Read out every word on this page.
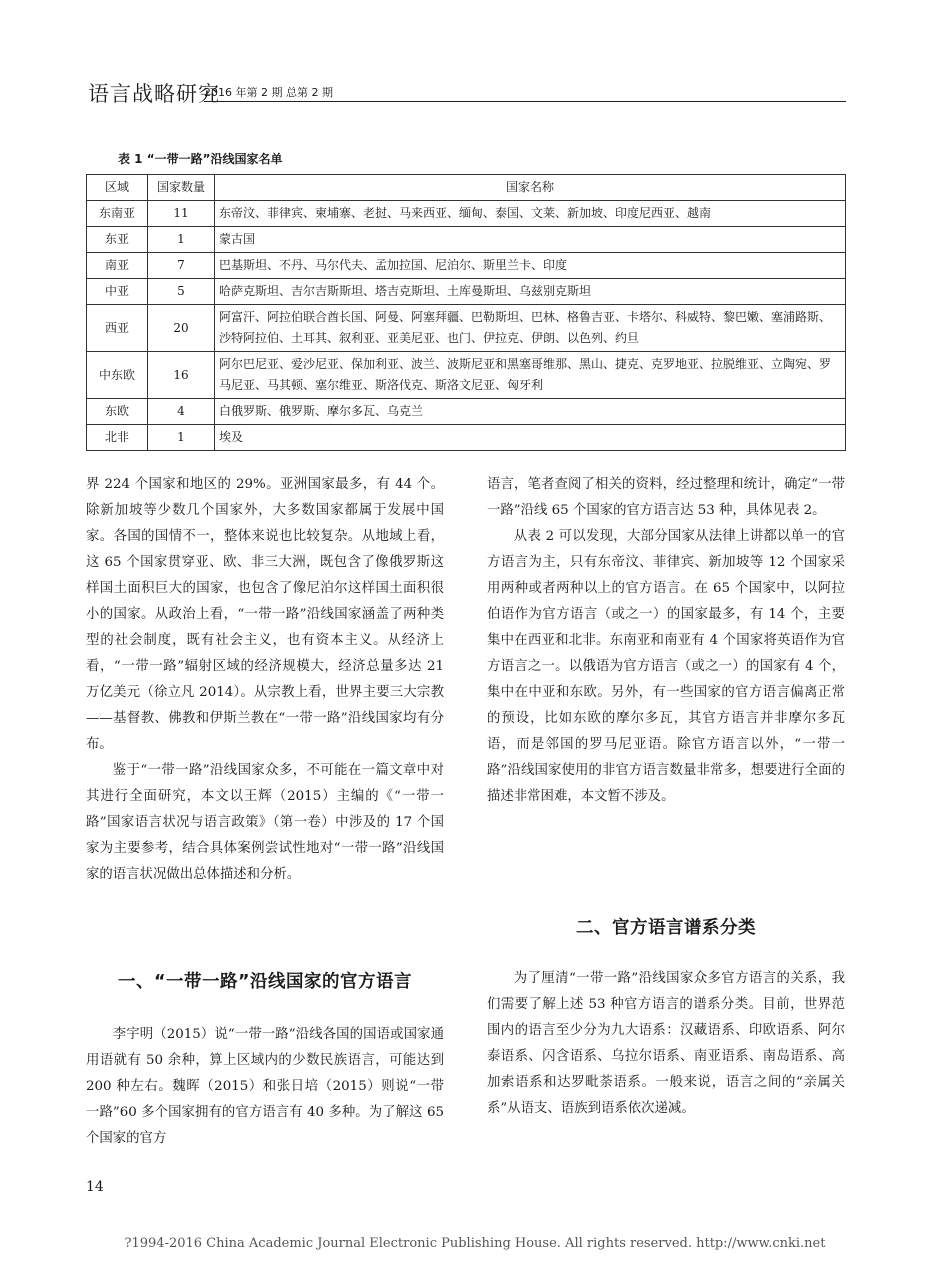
语言战略研究
2016 年第 2 期 总第 2 期
表 1 “一带一路”沿线国家名单
区域	国家数量	国家名称
东南亚	11	东帝汶、菲律宾、柬埔寨、老挝、马来西亚、缅甸、泰国、文莱、新加坡、印度尼西亚、越南
东亚	1	蒙古国
南亚	7	巴基斯坦、不丹、马尔代夫、孟加拉国、尼泊尔、斯里兰卡、印度
中亚	5	哈萨克斯坦、吉尔吉斯斯坦、塔吉克斯坦、土库曼斯坦、乌兹别克斯坦
西亚	20	阿富汗、阿拉伯联合酋长国、阿曼、阿塞拜疆、巴勒斯坦、巴林、格鲁吉亚、卡塔尔、科威特、黎巴嫩、塞浦路斯、沙特阿拉伯、土耳其、叙利亚、亚美尼亚、也门、伊拉克、伊朗、以色列、约旦
中东欧	16	阿尔巴尼亚、爱沙尼亚、保加利亚、波兰、波斯尼亚和黑塞哥维那、黑山、捷克、克罗地亚、拉脱维亚、立陶宛、罗马尼亚、马其顿、塞尔维亚、斯洛伐克、斯洛文尼亚、匈牙利
东欧	4	白俄罗斯、俄罗斯、摩尔多瓦、乌克兰
北非	1	埃及

界 224 个国家和地区的 29%。亚洲国家最多，有 44 个。除新加坡等少数几个国家外，大多数国家都属于发展中国家。各国的国情不一，整体来说也比较复杂。从地域上看，这 65 个国家贯穿亚、欧、非三大洲，既包含了像俄罗斯这样国土面积巨大的国家，也包含了像尼泊尔这样国土面积很小的国家。从政治上看，“一带一路”沿线国家涵盖了两种类型的社会制度，既有社会主义，也有资本主义。从经济上看，“一带一路”辐射区域的经济规模大，经济总量多达 21 万亿美元（徐立凡 2014）。从宗教上看，世界主要三大宗教——基督教、佛教和伊斯兰教在“一带一路”沿线国家均有分布。

鉴于“一带一路”沿线国家众多，不可能在一篇文章中对其进行全面研究，本文以王辉（2015）主编的《“一带一路”国家语言状况与语言政策》（第一卷）中涉及的 17 个国家为主要参考，结合具体案例尝试性地对“一带一路”沿线国家的语言状况做出总体描述和分析。

一、“一带一路”沿线国家的官方语言

李宇明（2015）说“一带一路”沿线各国的国语或国家通用语就有 50 余种，算上区域内的少数民族语言，可能达到 200 种左右。魏晖（2015）和张日培（2015）则说“一带一路”60 多个国家拥有的官方语言有 40 多种。为了解这 65 个国家的官方

语言，笔者查阅了相关的资料，经过整理和统计，确定“一带一路”沿线 65 个国家的官方语言达 53 种，具体见表 2。

从表 2 可以发现，大部分国家从法律上讲都以单一的官方语言为主，只有东帝汶、菲律宾、新加坡等 12 个国家采用两种或者两种以上的官方语言。在 65 个国家中，以阿拉伯语作为官方语言（或之一）的国家最多，有 14 个，主要集中在西亚和北非。东南亚和南亚有 4 个国家将英语作为官方语言之一。以俄语为官方语言（或之一）的国家有 4 个，集中在中亚和东欧。另外，有一些国家的官方语言偏离正常的预设，比如东欧的摩尔多瓦，其官方语言并非摩尔多瓦语，而是邻国的罗马尼亚语。除官方语言以外，“一带一路”沿线国家使用的非官方语言数量非常多，想要进行全面的描述非常困难，本文暂不涉及。

二、官方语言谱系分类

为了厘清“一带一路”沿线国家众多官方语言的关系，我们需要了解上述 53 种官方语言的谱系分类。目前，世界范围内的语言至少分为九大语系：汉藏语系、印欧语系、阿尔泰语系、闪含语系、乌拉尔语系、南亚语系、南岛语系、高加索语系和达罗毗荼语系。一般来说，语言之间的“亲属关系”从语支、语族到语系依次递减。

14
?1994-2016 China Academic Journal Electronic Publishing House. All rights reserved. http://www.cnki.net
